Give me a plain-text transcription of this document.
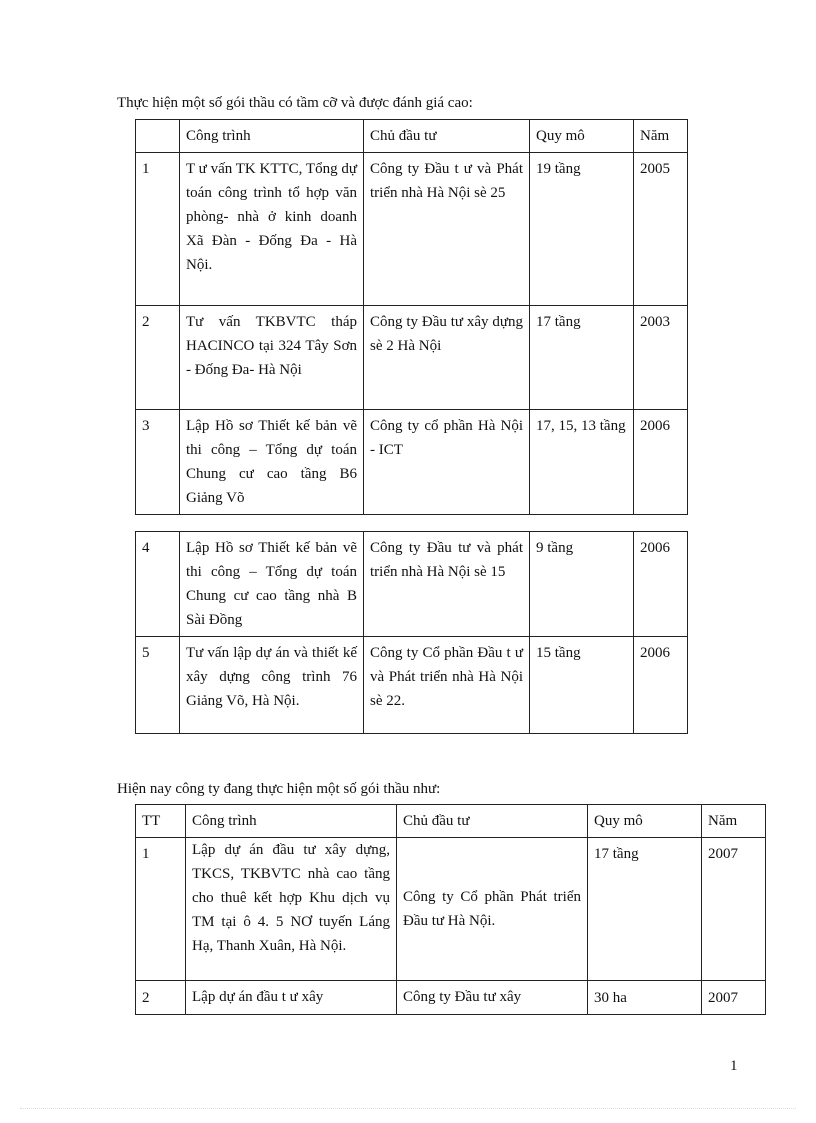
Thực hiện một số gói thầu có tầm cỡ và được đánh giá cao:
	Công trình	Chủ đầu tư	Quy mô	Năm
1	T ư vấn TK KTTC, Tổng dự toán công trình tổ hợp văn phòng- nhà ở kinh doanh Xã Đàn - Đống Đa - Hà Nội.	Công ty Đầu t ư và Phát triển nhà Hà Nội sè 25	19 tầng	2005
2	Tư vấn TKBVTC tháp HACINCO tại 324 Tây Sơn - Đống Đa- Hà Nội	Công ty Đầu tư xây dựng sè 2 Hà Nội	17 tầng	2003
3	Lập Hồ sơ Thiết kế bản vẽ thi công – Tổng dự toán Chung cư cao tầng B6 Giảng Võ	Công ty cổ phần Hà Nội - ICT	17, 15, 13 tầng	2006
4	Lập Hồ sơ Thiết kế bản vẽ thi công – Tổng dự toán Chung cư cao tầng nhà B Sài Đồng	Công ty Đầu tư và phát triển nhà Hà Nội sè 15	9 tầng	2006
5	Tư vấn lập dự án và thiết kế xây dựng công trình 76 Giảng Võ, Hà Nội.	Công ty Cổ phần Đầu t ư và Phát triển nhà Hà Nội sè 22.	15 tầng	2006
Hiện nay công ty đang thực hiện một số gói thầu như:
TT	Công trình	Chủ đầu tư	Quy mô	Năm
1	Lập dự án đầu tư xây dựng, TKCS, TKBVTC nhà cao tầng cho thuê kết hợp Khu dịch vụ TM tại ô 4. 5 NƠ tuyến Láng Hạ, Thanh Xuân, Hà Nội.	Công ty Cổ phần Phát triển Đầu tư Hà Nội.	17 tầng	2007
2	Lập dự án đầu t ư xây	Công ty Đầu tư xây	30 ha	2007
1
